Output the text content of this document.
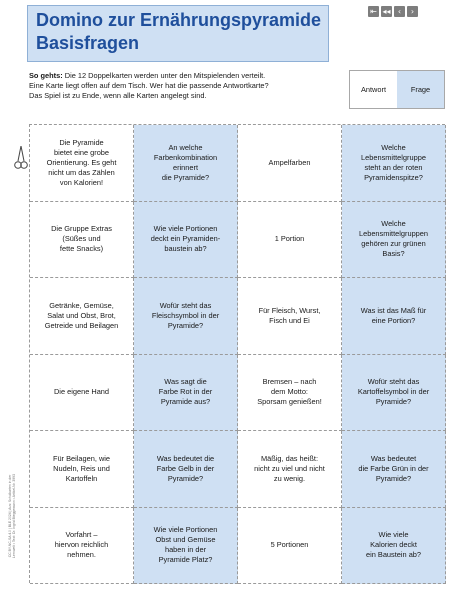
Domino zur Ernährungspyramide
Basisfragen
⇤ ◂◂ ‹	›
So gehts: Die 12 Doppelkarten werden unter den Mitspielenden verteilt.
Eine Karte liegt offen auf dem Tisch. Wer hat die passende Antwortkarte?
Das Spiel ist zu Ende, wenn alle Karten angelegt sind.
Antwort	Frage
Die Pyramide
bietet eine grobe
Orientierung. Es geht
nicht um das Zählen
von Kalorien!
An welche
Farbenkombination
erinnert
die Pyramide?
Ampelfarben
Welche
Lebensmittelgruppe
steht an der roten
Pyramidenspitze?
Die Gruppe Extras
(Süßes und
fette Snacks)
Wie viele Portionen
deckt ein Pyramiden-
baustein ab?
1 Portion
Welche
Lebensmittelgruppen
gehören zur grünen
Basis?
Getränke, Gemüse,
Salat und Obst, Brot,
Getreide und Beilagen
Wofür steht das
Fleischsymbol in der
Pyramide?
Für Fleisch, Wurst,
Fisch und Ei
Was ist das Maß für
eine Portion?
Die eigene Hand
Was sagt die
Farbe Rot in der
Pyramide aus?
Bremsen – nach
dem Motto:
Sporsam genießen!
Wofür steht das
Kartoffelsymbol in der
Pyramide?
Für Beilagen, wie
Nudeln, Reis und
Kartoffeln
Was bedeutet die
Farbe Gelb in der
Pyramide?
Mäßig, das heißt:
nicht zu viel und nicht
zu wenig.
Was bedeutet
die Farbe Grün in der
Pyramide?
Vorfahrt –
hiervon reichlich
nehmen.
Wie viele Portionen
Obst und Gemüse
haben in der
Pyramide Platz?
5 Portionen
Wie viele
Kalorien deckt
ein Baustein ab?
CC BY-NC-SA 4.0 | BLE 2024 | Aus: Schulkarten in der Lernwelt • Text: Dr. Ingrid Bieggemann • Artikel-Nr. 3993
